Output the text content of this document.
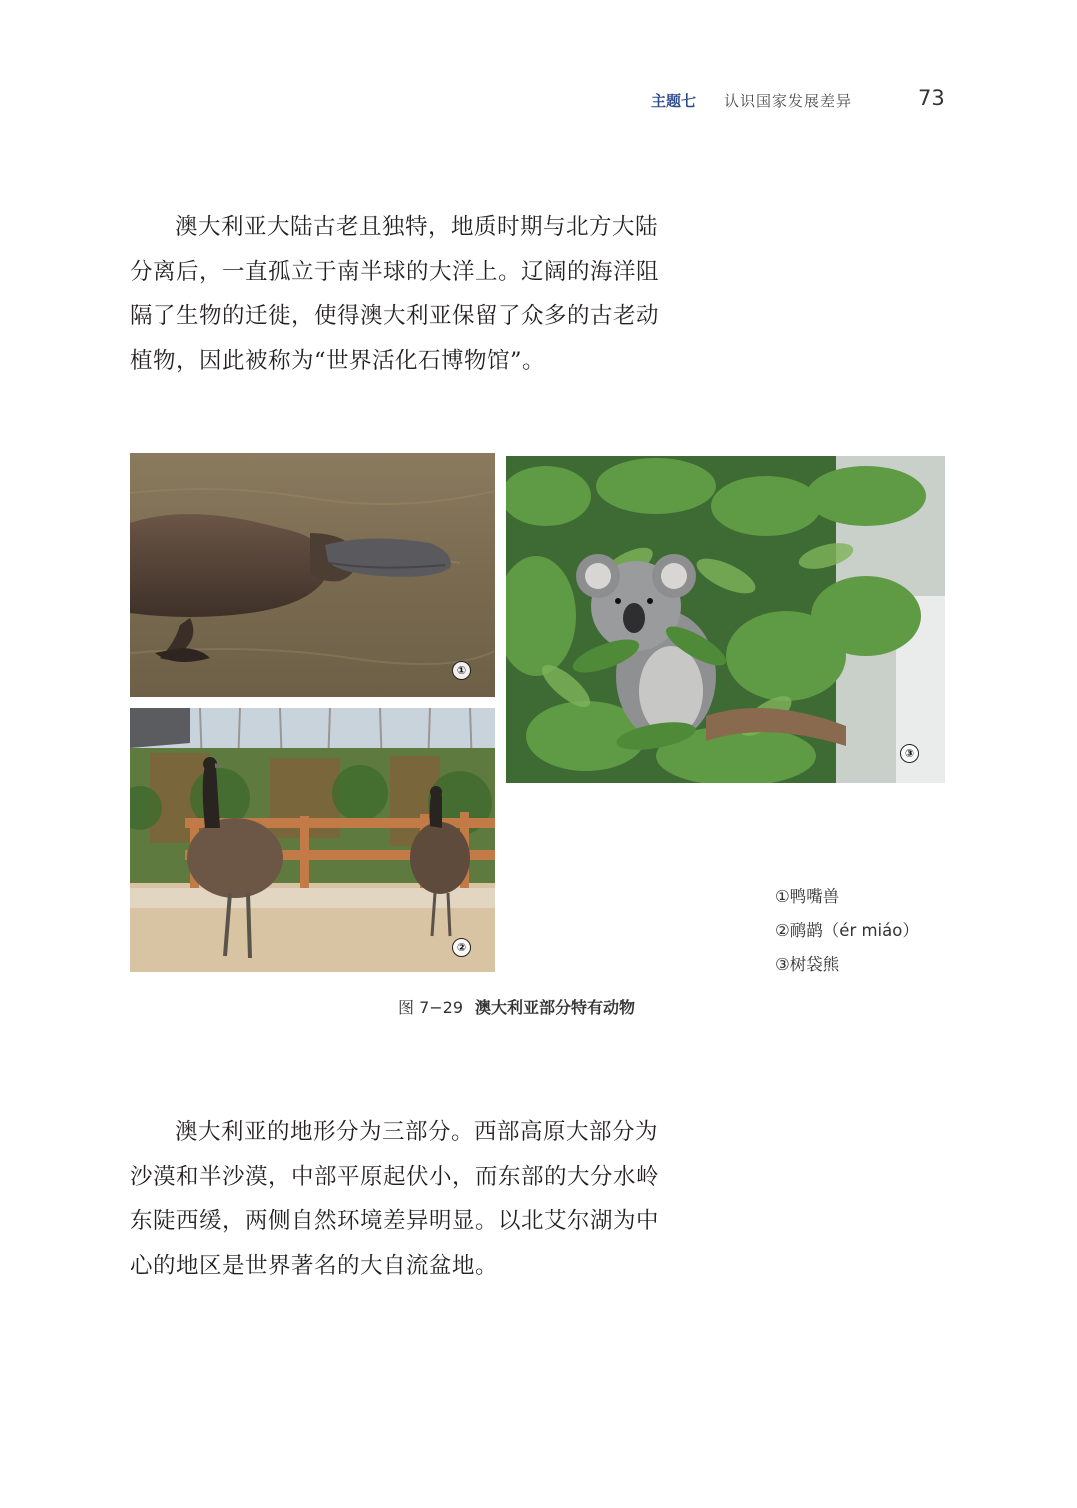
主题七 认识国家发展差异	73

澳大利亚大陆古老且独特，地质时期与北方大陆分离后，一直孤立于南半球的大洋上。辽阔的海洋阻隔了生物的迁徙，使得澳大利亚保留了众多的古老动植物，因此被称为“世界活化石博物馆”。

①
②
③
①鸭嘴兽
②鸸鹋（ér miáo）
③树袋熊
图 7−29 澳大利亚部分特有动物

澳大利亚的地形分为三部分。西部高原大部分为沙漠和半沙漠，中部平原起伏小，而东部的大分水岭东陡西缓，两侧自然环境差异明显。以北艾尔湖为中心的地区是世界著名的大自流盆地。
